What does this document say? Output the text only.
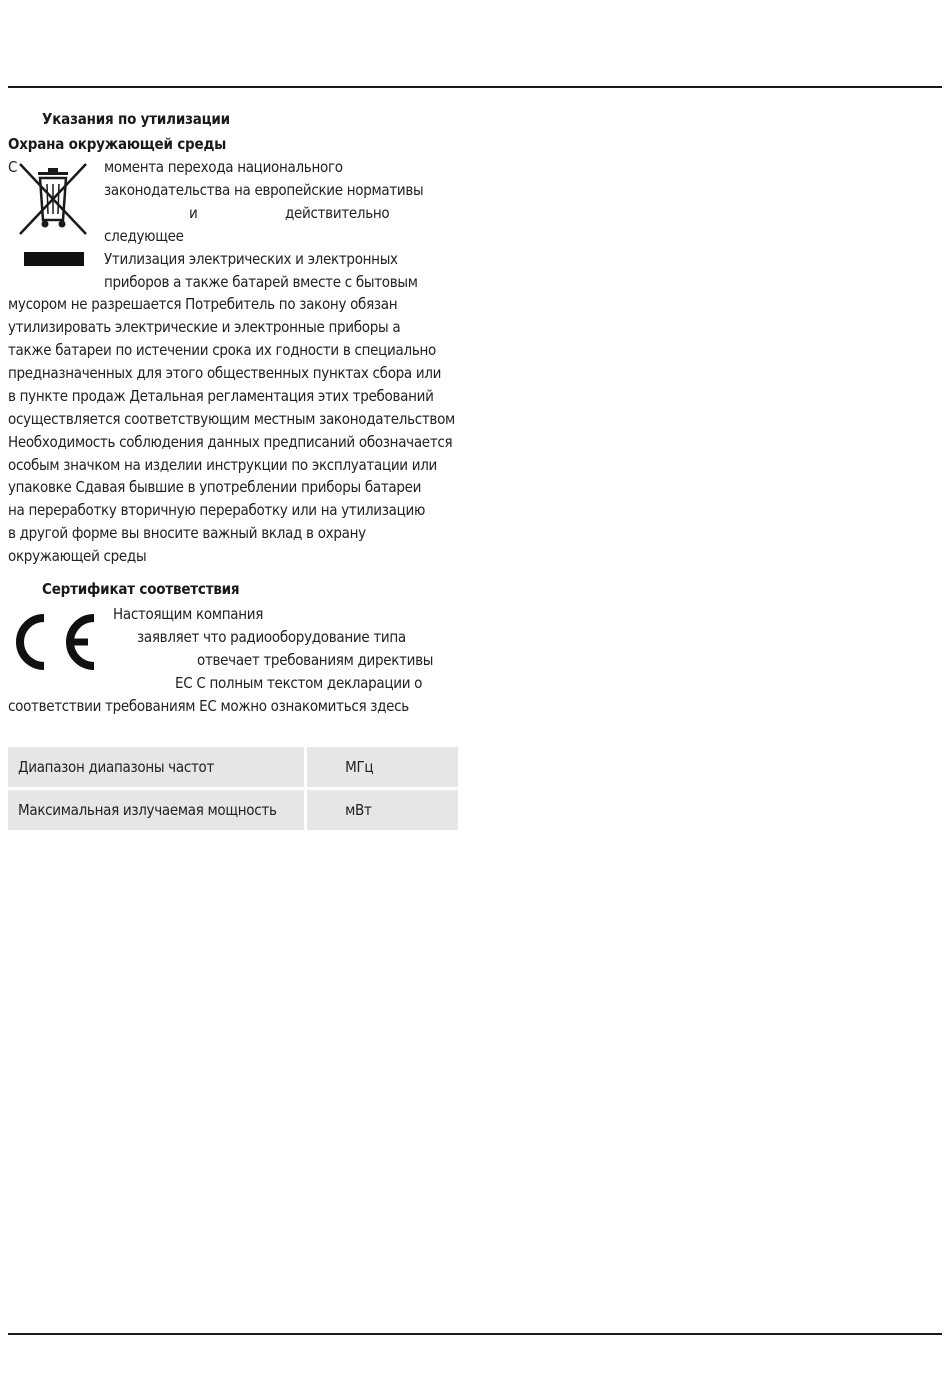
Указания по утилизации
Охрана окружающей среды
С	момента перехода национального
законодательства на европейские нормативы
и	действительно
следующее
Утилизация электрических и электронных
приборов а также батарей вместе с бытовым
мусором не разрешается Потребитель по закону обязан
утилизировать электрические и электронные приборы а
также батареи по истечении срока их годности в специально
предназначенных для этого общественных пунктах сбора или
в пункте продаж Детальная регламентация этих требований
осуществляется соответствующим местным законодательством
Необходимость соблюдения данных предписаний обозначается
особым значком на изделии инструкции по эксплуатации или
упаковке Сдавая бывшие в употреблении приборы батареи
на переработку вторичную переработку или на утилизацию
в другой форме вы вносите важный вклад в охрану
окружающей среды
Сертификат соответствия
Настоящим компания
заявляет что радиооборудование типа
отвечает требованиям директивы
ЕС С полным текстом декларации о
соответствии требованиям ЕС можно ознакомиться здесь
Диапазон диапазоны частот	МГц
Максимальная излучаемая мощность	мВт
